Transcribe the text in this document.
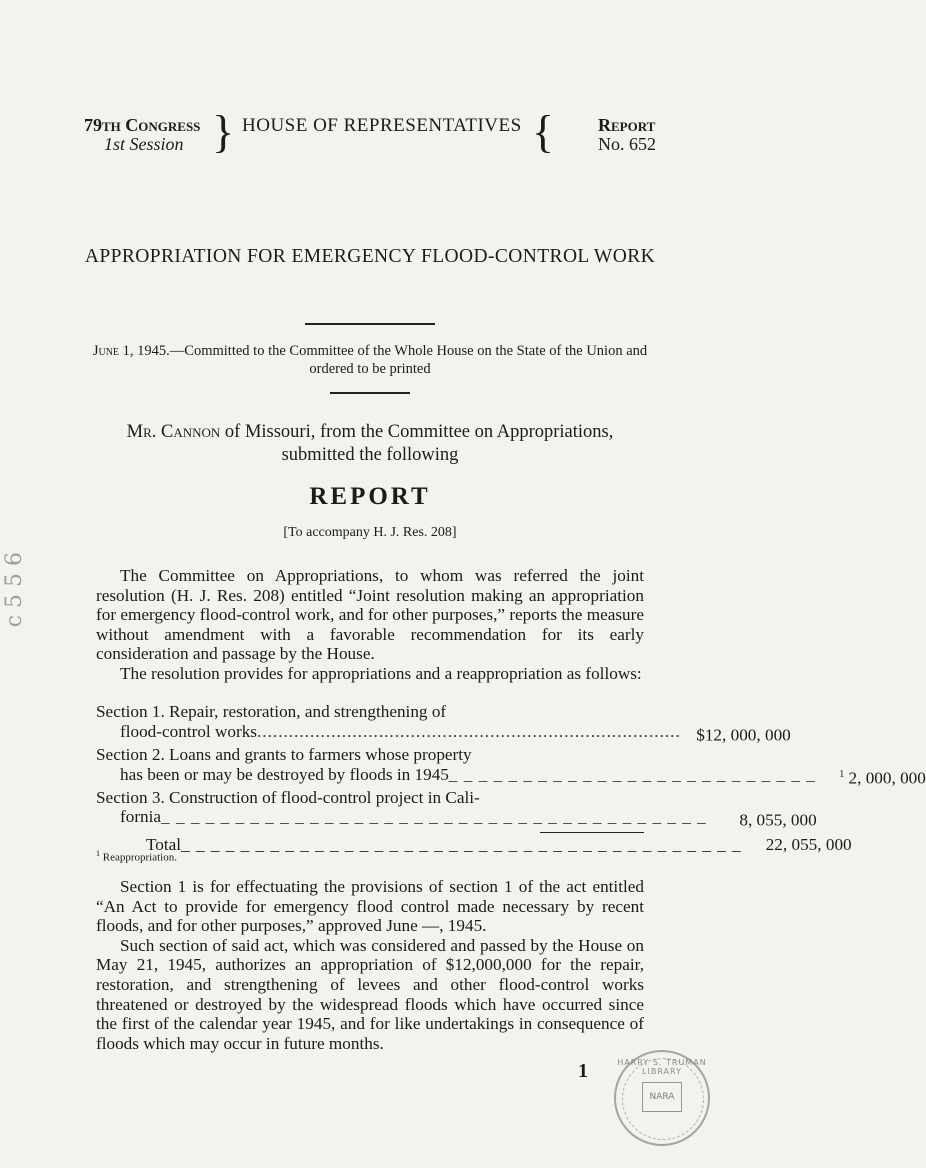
c 5 5 6
79th Congress
1st Session } HOUSE OF REPRESENTATIVES { Report
No. 652
APPROPRIATION FOR EMERGENCY FLOOD-CONTROL WORK
June 1, 1945.—Committed to the Committee of the Whole House on the State of the Union and ordered to be printed
Mr. Cannon of Missouri, from the Committee on Appropriations, submitted the following
REPORT
[To accompany H. J. Res. 208]

The Committee on Appropriations, to whom was referred the joint resolution (H. J. Res. 208) entitled “Joint resolution making an appropriation for emergency flood-control work, and for other purposes,” reports the measure without amendment with a favorable recommendation for its early consideration and passage by the House.

The resolution provides for appropriations and a reappropriation as follows:

Section 1. Repair, restoration, and strengthening of
flood-control works ................................................................................ $12, 000, 000
Section 2. Loans and grants to farmers whose property
has been or may be destroyed by floods in 1945 _ _ _ _ _ _ _ _ _ _ _ _ _ _ _ _ _ _ _ _ _ _ _ _ _	$^1$ 2, 000, 000
Section 3. Construction of flood-control project in Cali-
fornia _ _ _ _ _ _ _ _ _ _ _ _ _ _ _ _ _ _ _ _ _ _ _ _ _ _ _ _ _ _ _ _ _ _ _ _ _	8, 055, 000
Total _ _ _ _ _ _ _ _ _ _ _ _ _ _ _ _ _ _ _ _ _ _ _ _ _ _ _ _ _ _ _ _ _ _ _ _ _ _	22, 055, 000
$^1$ Reappropriation.

Section 1 is for effectuating the provisions of section 1 of the act entitled “An Act to provide for emergency flood control made necessary by recent floods, and for other purposes,” approved June —, 1945.

Such section of said act, which was considered and passed by the House on May 21, 1945, authorizes an appropriation of $12,000,000 for the repair, restoration, and strengthening of levees and other flood-control works threatened or destroyed by the widespread floods which have occurred since the first of the calendar year 1945, and for like undertakings in consequence of floods which may occur in future months.

1	HARRY S. TRUMAN LIBRARY
NARA
